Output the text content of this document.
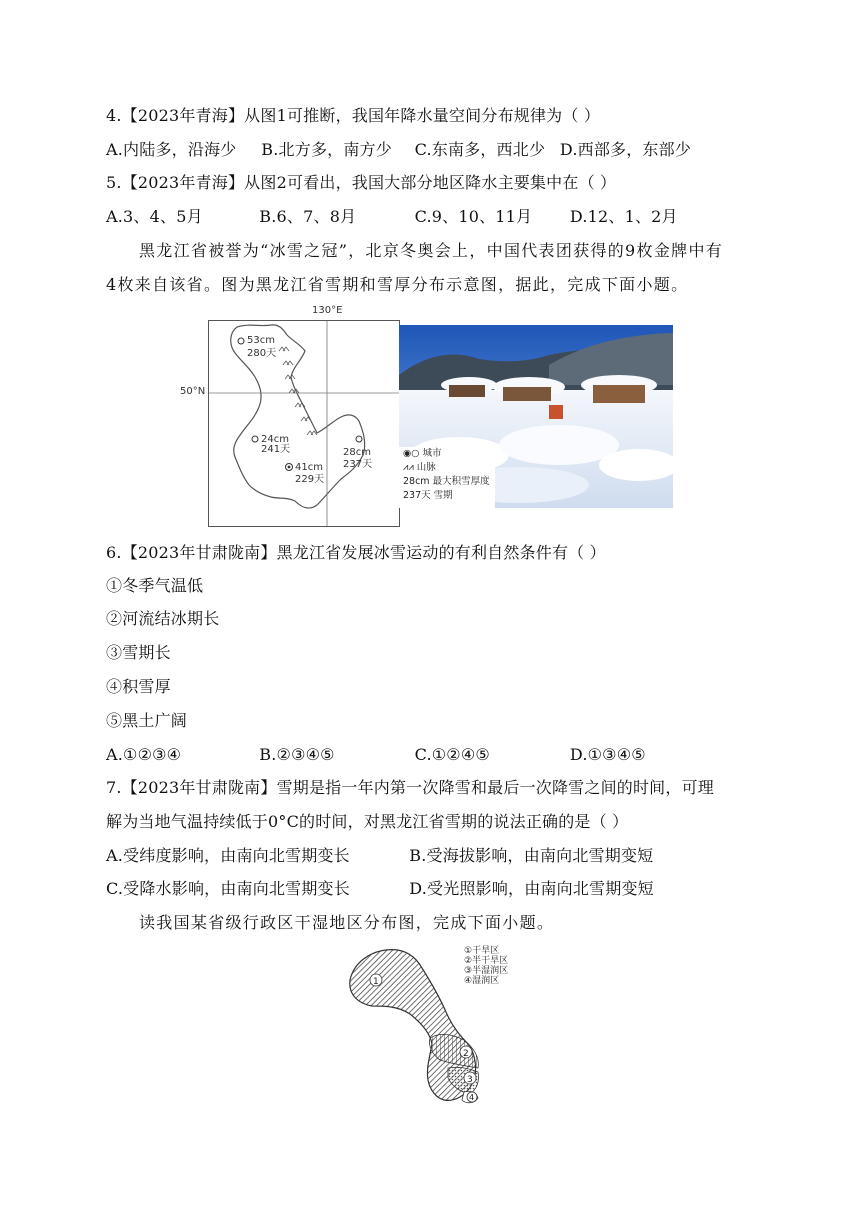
4.【2023年青海】从图1可推断，我国年降水量空间分布规律为（ ）
A.内陆多，沿海少 B.北方多，南方少 C.东南多，西北少 D.西部多，东部少
5.【2023年青海】从图2可看出，我国大部分地区降水主要集中在（ ）
A.3、4、5月	B.6、7、8月	C.9、10、11月 D.12、1、2月
黑龙江省被誉为“冰雪之冠”，北京冬奥会上，中国代表团获得的9枚金牌中有
4枚来自该省。图为黑龙江省雪期和雪厚分布示意图，据此，完成下面小题。
53cm
280天
24cm
241天
41cm
229天
28cm
237天
130°E
50°N
◉○ 城市
⩘⩘ 山脉
28cm 最大积雪厚度
237天 雪期
6.【2023年甘肃陇南】黑龙江省发展冰雪运动的有利自然条件有（ ）
①冬季气温低
②河流结冰期长
③雪期长
④积雪厚
⑤黑土广阔
A.①②③④	B.②③④⑤	C.①②④⑤	D.①③④⑤
7.【2023年甘肃陇南】雪期是指一年内第一次降雪和最后一次降雪之间的时间，可理
解为当地气温持续低于0°C的时间，对黑龙江省雪期的说法正确的是（ ）
A.受纬度影响，由南向北雪期变长	B.受海拔影响，由南向北雪期变短
C.受降水影响，由南向北雪期变长	D.受光照影响，由南向北雪期变短
读我国某省级行政区干湿地区分布图，完成下面小题。
1
2
3
4
①干旱区
②半干旱区
③半湿润区
④湿润区
